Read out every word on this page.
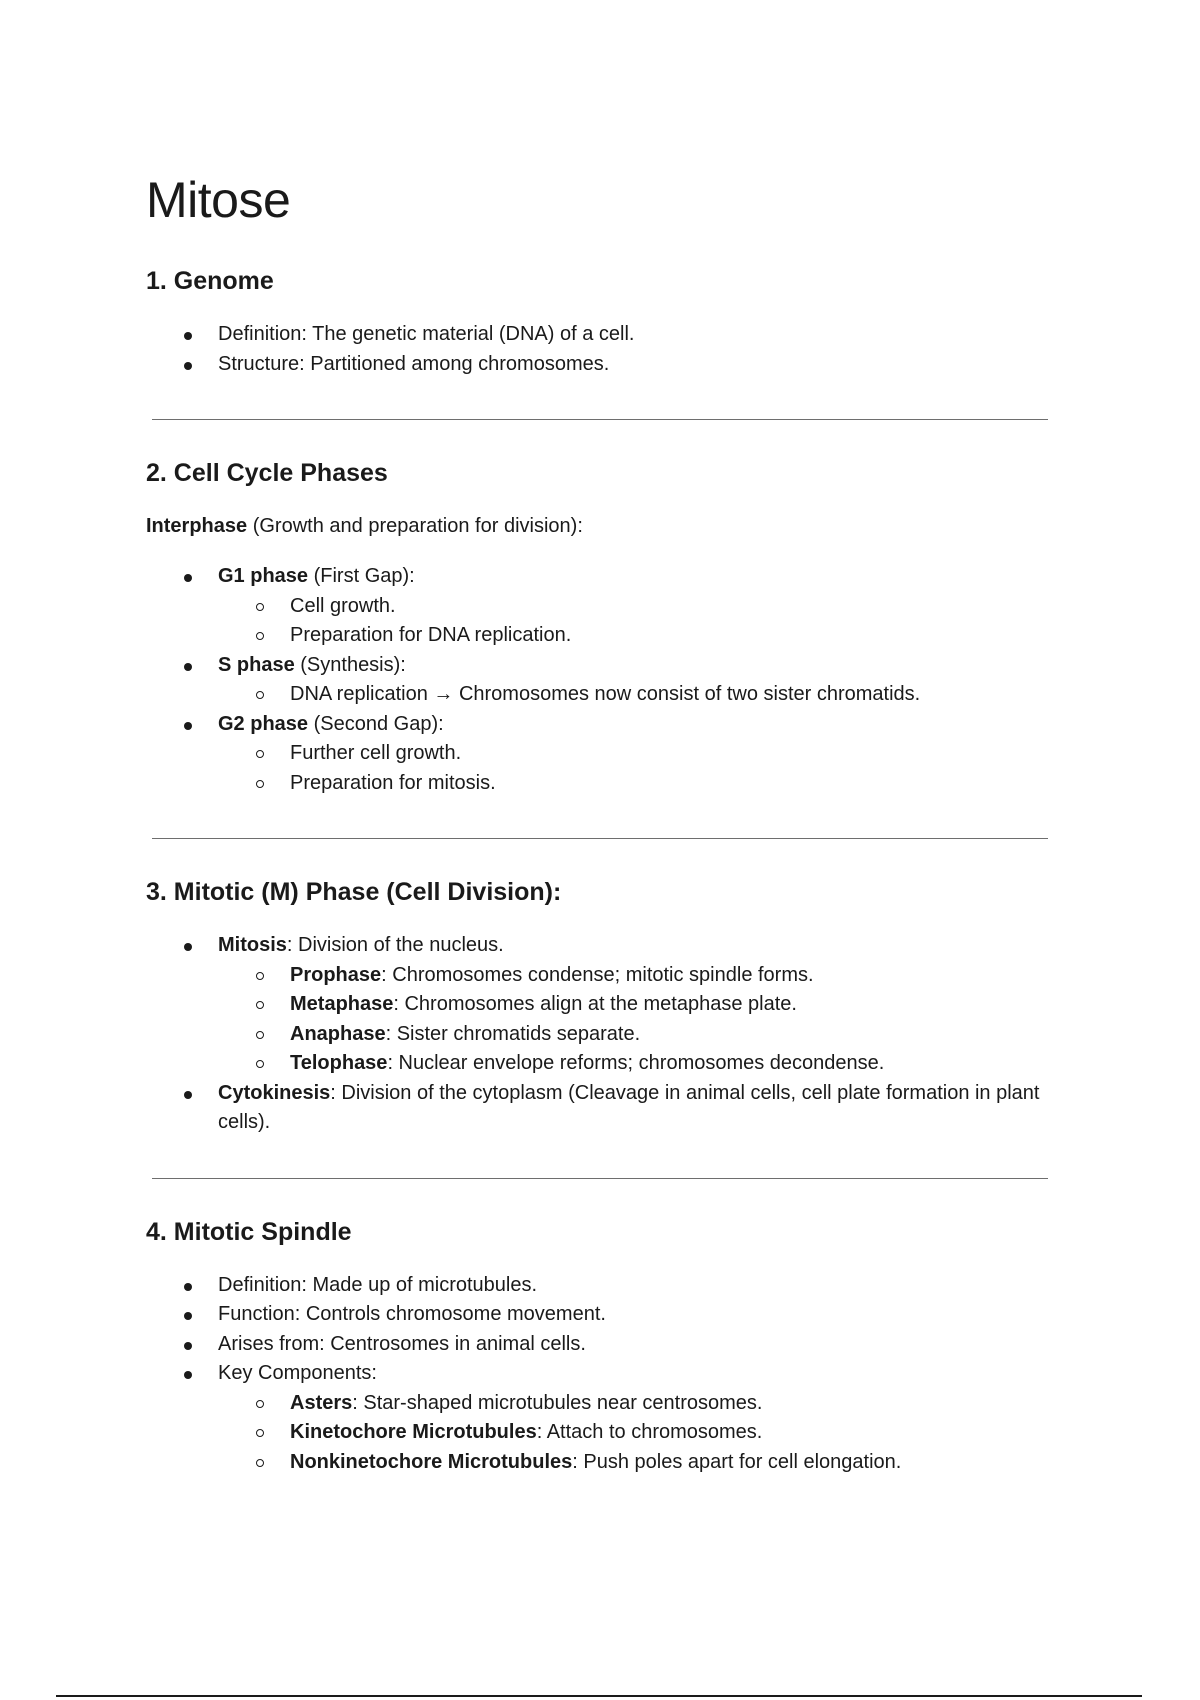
Mitose
1. Genome
Definition: The genetic material (DNA) of a cell.
Structure: Partitioned among chromosomes.
2. Cell Cycle Phases

Interphase (Growth and preparation for division):

G1 phase (First Gap):
Cell growth.
Preparation for DNA replication.
S phase (Synthesis):
DNA replication → Chromosomes now consist of two sister chromatids.
G2 phase (Second Gap):
Further cell growth.
Preparation for mitosis.
3. Mitotic (M) Phase (Cell Division):
Mitosis: Division of the nucleus.
Prophase: Chromosomes condense; mitotic spindle forms.
Metaphase: Chromosomes align at the metaphase plate.
Anaphase: Sister chromatids separate.
Telophase: Nuclear envelope reforms; chromosomes decondense.
Cytokinesis: Division of the cytoplasm (Cleavage in animal cells, cell plate formation in plant cells).
4. Mitotic Spindle
Definition: Made up of microtubules.
Function: Controls chromosome movement.
Arises from: Centrosomes in animal cells.
Key Components:
Asters: Star-shaped microtubules near centrosomes.
Kinetochore Microtubules: Attach to chromosomes.
Nonkinetochore Microtubules: Push poles apart for cell elongation.
